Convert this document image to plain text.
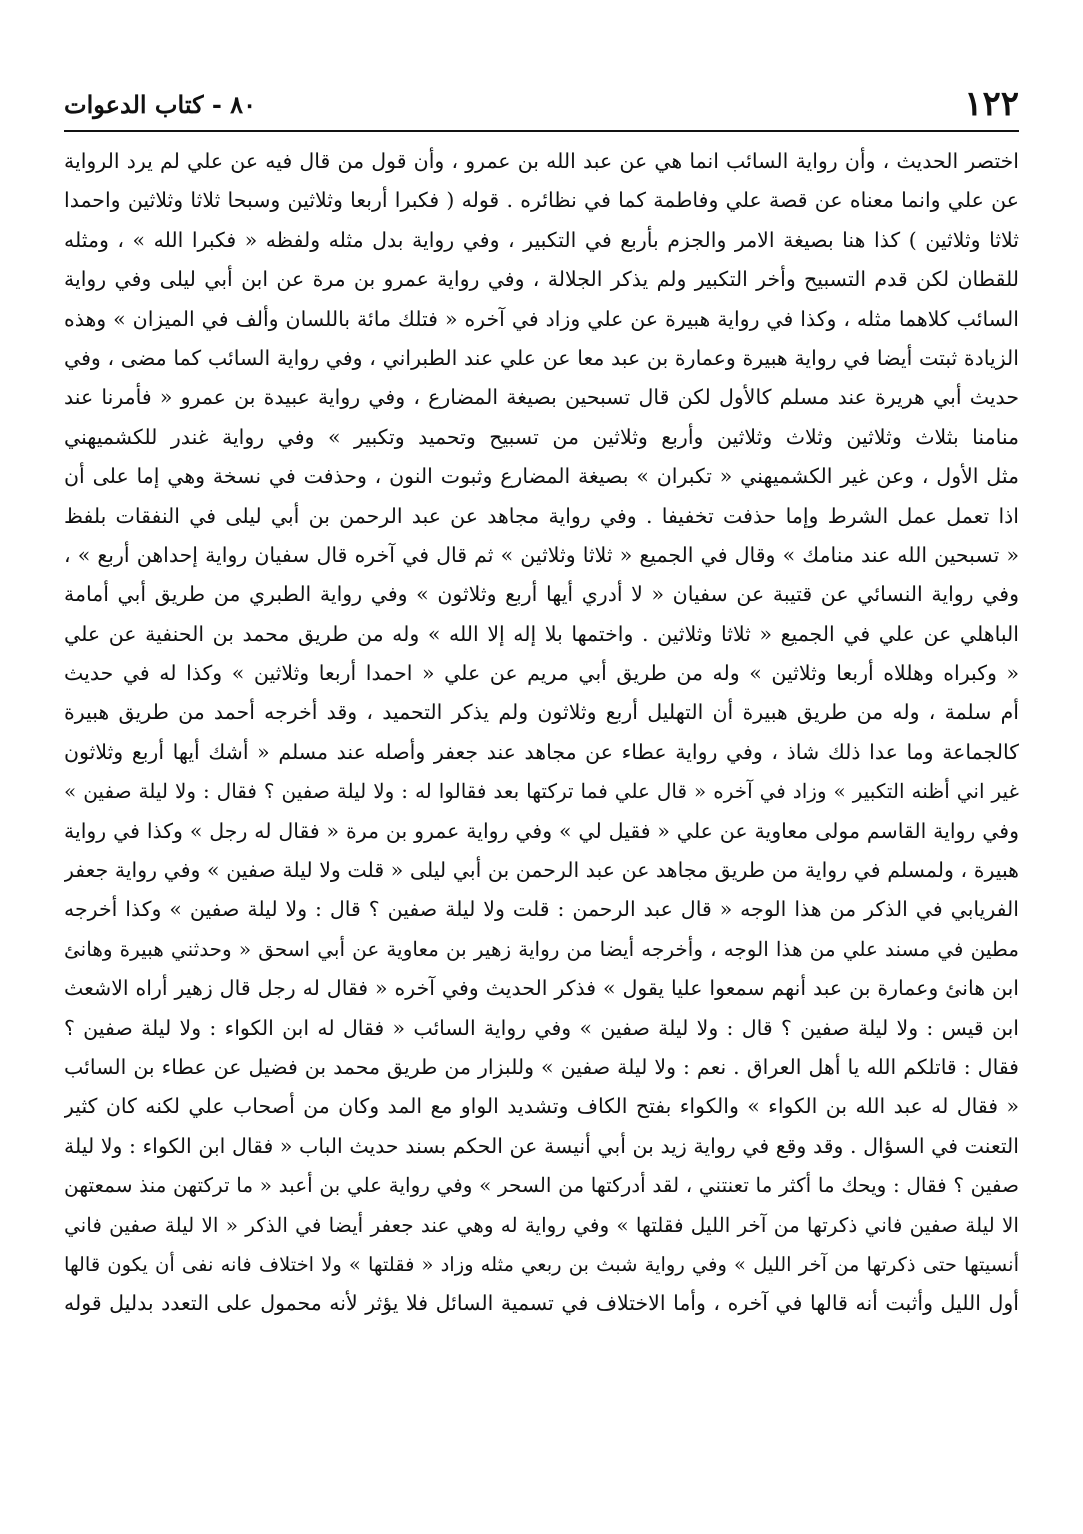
١٢٢
٨٠ - كتاب الدعوات
اختصر الحديث ، وأن رواية السائب انما هي عن عبد الله بن عمرو ، وأن قول من قال فيه عن علي لم يرد الرواية
عن علي وانما معناه عن قصة علي وفاطمة كما في نظائره . قوله ( فكبرا أربعا وثلاثين وسبحا ثلاثا وثلاثين واحمدا
ثلاثا وثلاثين ) كذا هنا بصيغة الامر والجزم بأربع في التكبير ، وفي رواية بدل مثله ولفظه « فكبرا الله » ، ومثله
للقطان لكن قدم التسبيح وأخر التكبير ولم يذكر الجلالة ، وفي رواية عمرو بن مرة عن ابن أبي ليلى وفي رواية
السائب كلاهما مثله ، وكذا في رواية هبيرة عن علي وزاد في آخره « فتلك مائة باللسان وألف في الميزان » وهذه
الزيادة ثبتت أيضا في رواية هبيرة وعمارة بن عبد معا عن علي عند الطبراني ، وفي رواية السائب كما مضى ، وفي
حديث أبي هريرة عند مسلم كالأول لكن قال تسبحين بصيغة المضارع ، وفي رواية عبيدة بن عمرو « فأمرنا عند
منامنا بثلاث وثلاثين وثلاث وثلاثين وأربع وثلاثين من تسبيح وتحميد وتكبير » وفي رواية غندر للكشميهني
مثل الأول ، وعن غير الكشميهني « تكبران » بصيغة المضارع وثبوت النون ، وحذفت في نسخة وهي إما على أن
اذا تعمل عمل الشرط وإما حذفت تخفيفا . وفي رواية مجاهد عن عبد الرحمن بن أبي ليلى في النفقات بلفظ
« تسبحين الله عند منامك » وقال في الجميع « ثلاثا وثلاثين » ثم قال في آخره قال سفيان رواية إحداهن أربع » ،
وفي رواية النسائي عن قتيبة عن سفيان « لا أدري أيها أربع وثلاثون » وفي رواية الطبري من طريق أبي أمامة
الباهلي عن علي في الجميع « ثلاثا وثلاثين . واختمها بلا إله إلا الله » وله من طريق محمد بن الحنفية عن علي
« وكبراه وهللاه أربعا وثلاثين » وله من طريق أبي مريم عن علي « احمدا أربعا وثلاثين » وكذا له في حديث
أم سلمة ، وله من طريق هبيرة أن التهليل أربع وثلاثون ولم يذكر التحميد ، وقد أخرجه أحمد من طريق هبيرة
كالجماعة وما عدا ذلك شاذ ، وفي رواية عطاء عن مجاهد عند جعفر وأصله عند مسلم « أشك أيها أربع وثلاثون
غير اني أظنه التكبير » وزاد في آخره « قال علي فما تركتها بعد فقالوا له : ولا ليلة صفين ؟ فقال : ولا ليلة صفين »
وفي رواية القاسم مولى معاوية عن علي « فقيل لي » وفي رواية عمرو بن مرة « فقال له رجل » وكذا في رواية
هبيرة ، ولمسلم في رواية من طريق مجاهد عن عبد الرحمن بن أبي ليلى « قلت ولا ليلة صفين » وفي رواية جعفر
الفريابي في الذكر من هذا الوجه « قال عبد الرحمن : قلت ولا ليلة صفين ؟ قال : ولا ليلة صفين » وكذا أخرجه
مطين في مسند علي من هذا الوجه ، وأخرجه أيضا من رواية زهير بن معاوية عن أبي اسحق « وحدثني هبيرة وهانئ
ابن هانئ وعمارة بن عبد أنهم سمعوا عليا يقول » فذكر الحديث وفي آخره « فقال له رجل قال زهير أراه الاشعث
ابن قيس : ولا ليلة صفين ؟ قال : ولا ليلة صفين » وفي رواية السائب « فقال له ابن الكواء : ولا ليلة صفين ؟
فقال : قاتلكم الله يا أهل العراق . نعم : ولا ليلة صفين » وللبزار من طريق محمد بن فضيل عن عطاء بن السائب
« فقال له عبد الله بن الكواء » والكواء بفتح الكاف وتشديد الواو مع المد وكان من أصحاب علي لكنه كان كثير
التعنت في السؤال . وقد وقع في رواية زيد بن أبي أنيسة عن الحكم بسند حديث الباب « فقال ابن الكواء : ولا ليلة
صفين ؟ فقال : ويحك ما أكثر ما تعنتني ، لقد أدركتها من السحر » وفي رواية علي بن أعبد « ما تركتهن منذ سمعتهن
الا ليلة صفين فاني ذكرتها من آخر الليل فقلتها » وفي رواية له وهي عند جعفر أيضا في الذكر « الا ليلة صفين فاني
أنسيتها حتى ذكرتها من آخر الليل » وفي رواية شبث بن ربعي مثله وزاد « فقلتها » ولا اختلاف فانه نفى أن يكون قالها
أول الليل وأثبت أنه قالها في آخره ، وأما الاختلاف في تسمية السائل فلا يؤثر لأنه محمول على التعدد بدليل قوله
